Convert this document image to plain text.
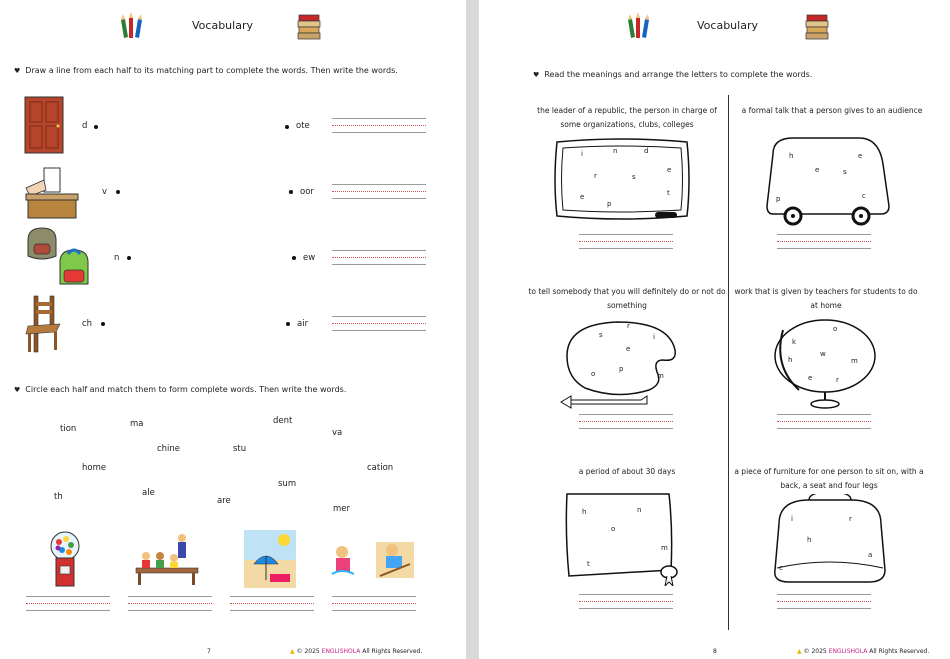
Vocabulary
♥ Draw a line from each half to its matching part to complete the words. Then write the words.
d	ote
v	oor
n	ew
ch	air
♥ Circle each half and match them to form complete words. Then write the words.
tion	ma	dent
va
chine	stu
home	cation
sum
th	ale
are
mer
7	▲ © 2025 ENGLISHOLA All Rights Reserved.
Vocabulary
♥ Read the meanings and arrange the letters to complete the words.
the leader of a republic, the person in charge of some organizations, clubs, colleges
i	n	d
r	s
e
e	t
p
a formal talk that a person gives to an audience
h	e
e	s
p	c
to tell somebody that you will definitely do or not do something
r
s	i
e
p
o	m
work that is given by teachers for students to do at home
o
k
w
h	m
e	r
a period of about 30 days
n
h
o
m
t
a piece of furniture for one person to sit on, with a back, a seat and four legs
i	r
h
a
c
8	▲ © 2025 ENGLISHOLA All Rights Reserved.
